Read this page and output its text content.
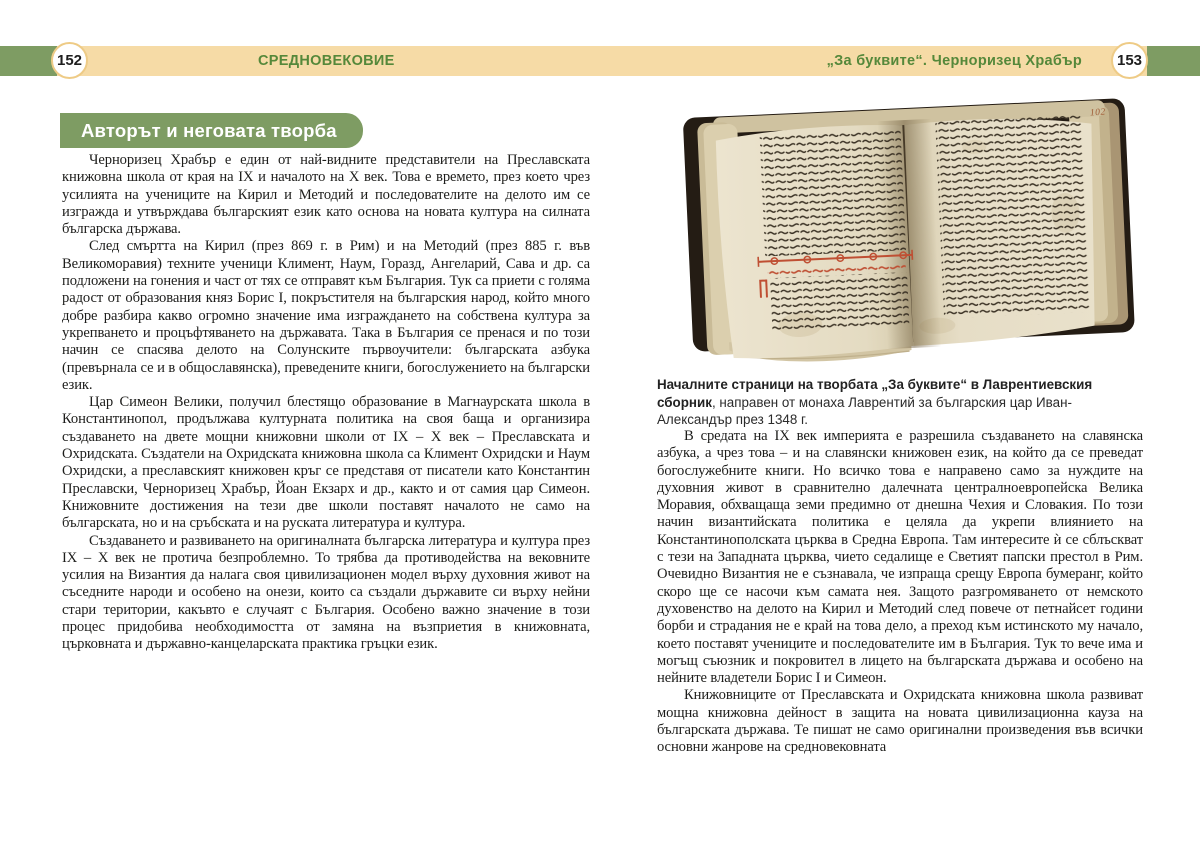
СРЕДНОВЕКОВИЕ	„За буквите“. Черноризец Храбър
152	153
Авторът и неговата творба

Черноризец Храбър е един от най-видните представители на Преславската книжовна школа от края на IX и началото на X век. Това е времето, през което чрез усилията на учениците на Кирил и Методий и последователите на делото им се изгражда и утвърждава българският език като основа на новата култура на силната българска държава.

След смъртта на Кирил (през 869 г. в Рим) и на Методий (през 885 г. във Великоморавия) техните ученици Климент, Наум, Горазд, Ангеларий, Сава и др. са подложени на гонения и част от тях се отправят към България. Тук са приети с голяма радост от образования княз Борис I, покръстителя на българския народ, който много добре разбира какво огромно значение има изграждането на собствена култура за укрепването и процъфтяването на държавата. Така в България се пренася и по този начин се спасява делото на Солунските първоучители: българската азбука (превърнала се и в общославянска), преведените книги, богослужението на български език.

Цар Симеон Велики, получил блестящо образование в Магнаурската школа в Константинопол, продължава културната политика на своя баща и организира създаването на двете мощни книжовни школи от IX – X век – Преславската и Охридската. Създатели на Охридската книжовна школа са Климент Охридски и Наум Охридски, а преславският книжовен кръг се представя от писатели като Константин Преславски, Черноризец Храбър, Йоан Екзарх и др., както и от самия цар Симеон. Книжовните достижения на тези две школи поставят началото не само на българската, но и на сръбската и на руската литература и култура.

Създаването и развиването на оригиналната българска литература и култура през IX – X век не протича безпроблемно. То трябва да противодейства на вековните усилия на Византия да налага своя цивилизационен модел върху духовния живот на съседните народи и особено на онези, които са създали държавите си върху нейни стари територии, какъвто е случаят с България. Особено важно значение в този процес придобива необходимостта от замяна на възприетия в книжовната, църковната и държавно-канцеларската практика гръцки език.

102
Началните страници на творбата „За буквите“ в Лаврентиевския сборник, направен от монаха Лаврентий за българския цар Иван-Александър през 1348 г.

В средата на IX век империята е разрешила създаването на славянска азбука, а чрез това – и на славянски книжовен език, на който да се преведат богослужебните книги. Но всичко това е направено само за нуждите на духовния живот в сравнително далечната централноевропейска Велика Моравия, обхващаща земи предимно от днешна Чехия и Словакия. По този начин византийската политика е целяла да укрепи влиянието на Константинополската църква в Средна Европа. Там интересите ѝ се сблъскват с тези на Западната църква, чието седалище е Светият папски престол в Рим. Очевидно Византия не е съзнавала, че изпраща срещу Европа бумеранг, който скоро ще се насочи към самата нея. Защото разгромяването от немското духовенство на делото на Кирил и Методий след повече от петнайсет години борби и страдания не е край на това дело, а преход към истинското му начало, което поставят учениците и последователите им в България. Тук то вече има и могъщ съюзник и покровител в лицето на българската държава и особено на нейните владетели Борис I и Симеон.

Книжовниците от Преславската и Охридската книжовна школа развиват мощна книжовна дейност в защита на новата цивилизационна кауза на българската държава. Те пишат не само оригинални произведения във всички основни жанрове на средновековната
